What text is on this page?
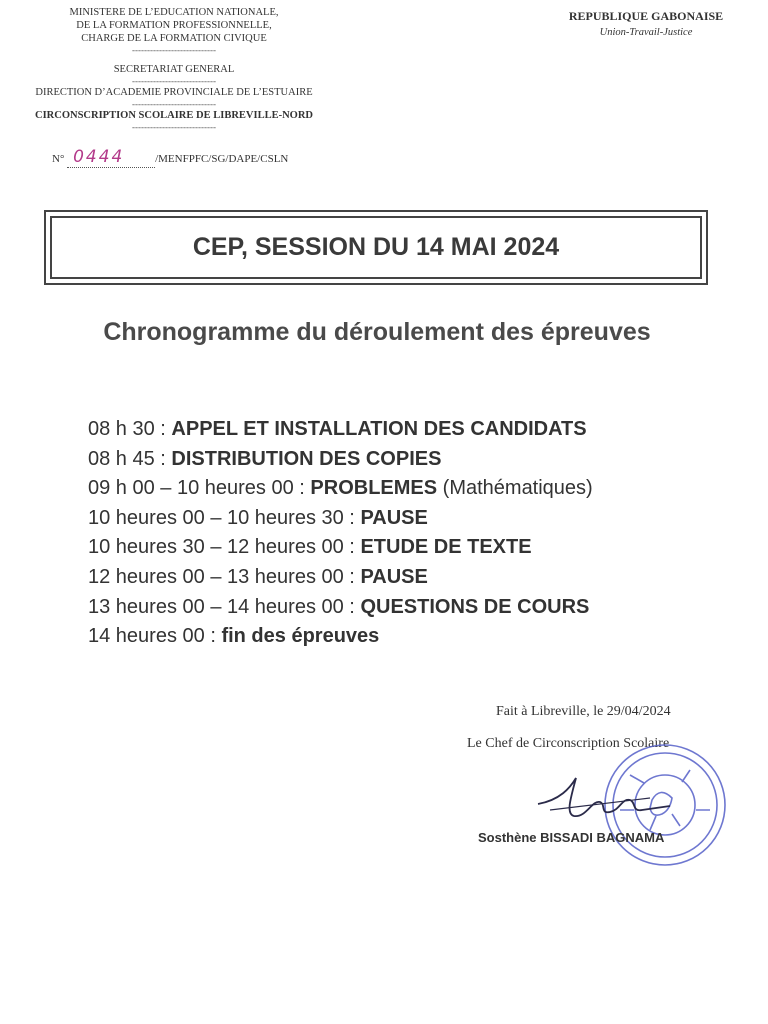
MINISTERE DE L’EDUCATION NATIONALE,
DE LA FORMATION PROFESSIONNELLE,
CHARGE DE LA FORMATION CIVIQUE
----------------------------
SECRETARIAT GENERAL
----------------------------
DIRECTION D’ACADEMIE PROVINCIALE DE L’ESTUAIRE
----------------------------
CIRCONSCRIPTION SCOLAIRE DE LIBREVILLE-NORD
----------------------------
N° 0444	/MENFPFC/SG/DAPE/CSLN
REPUBLIQUE GABONAISE
Union-Travail-Justice
CEP, SESSION DU 14 MAI 2024
Chronogramme du déroulement des épreuves
08 h 30 : APPEL ET INSTALLATION DES CANDIDATS
08 h 45 : DISTRIBUTION DES COPIES
09 h 00 – 10 heures 00 : PROBLEMES (Mathématiques)
10 heures 00 – 10 heures 30 : PAUSE
10 heures 30 – 12 heures 00 : ETUDE DE TEXTE
12 heures 00 – 13 heures 00 : PAUSE
13 heures 00 – 14 heures 00 : QUESTIONS DE COURS
14 heures 00 : fin des épreuves
Fait à Libreville, le 29/04/2024
Le Chef de Circonscription Scolaire
Sosthène BISSADI BAGNAMA
